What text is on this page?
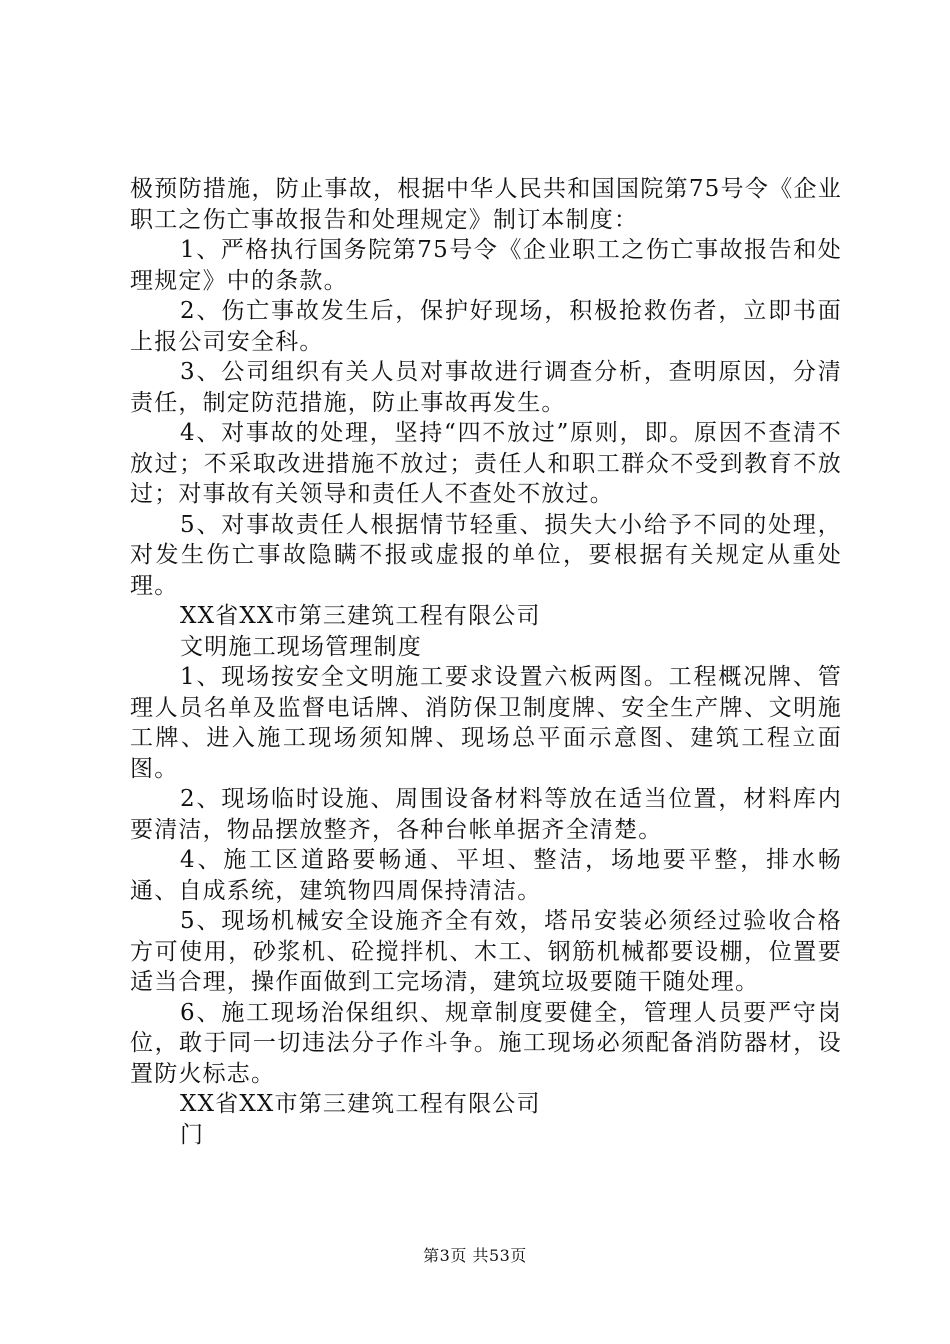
极预防措施，防止事故，根据中华人民共和国国院第75号令《企业职工之伤亡事故报告和处理规定》制订本制度：

1、严格执行国务院第75号令《企业职工之伤亡事故报告和处理规定》中的条款。

2、伤亡事故发生后，保护好现场，积极抢救伤者，立即书面上报公司安全科。

3、公司组织有关人员对事故进行调查分析，查明原因，分清责任，制定防范措施，防止事故再发生。

4、对事故的处理，坚持“四不放过”原则，即。原因不查清不放过；不采取改进措施不放过；责任人和职工群众不受到教育不放过；对事故有关领导和责任人不查处不放过。

5、对事故责任人根据情节轻重、损失大小给予不同的处理，对发生伤亡事故隐瞒不报或虚报的单位，要根据有关规定从重处理。

XX省XX市第三建筑工程有限公司

文明施工现场管理制度

1、现场按安全文明施工要求设置六板两图。工程概况牌、管理人员名单及监督电话牌、消防保卫制度牌、安全生产牌、文明施工牌、进入施工现场须知牌、现场总平面示意图、建筑工程立面图。

2、现场临时设施、周围设备材料等放在适当位置，材料库内要清洁，物品摆放整齐，各种台帐单据齐全清楚。

4、施工区道路要畅通、平坦、整洁，场地要平整，排水畅通、自成系统，建筑物四周保持清洁。

5、现场机械安全设施齐全有效，塔吊安装必须经过验收合格方可使用，砂浆机、砼搅拌机、木工、钢筋机械都要设棚，位置要适当合理，操作面做到工完场清，建筑垃圾要随干随处理。

6、施工现场治保组织、规章制度要健全，管理人员要严守岗位，敢于同一切违法分子作斗争。施工现场必须配备消防器材，设置防火标志。

XX省XX市第三建筑工程有限公司

门

第3页 共53页
